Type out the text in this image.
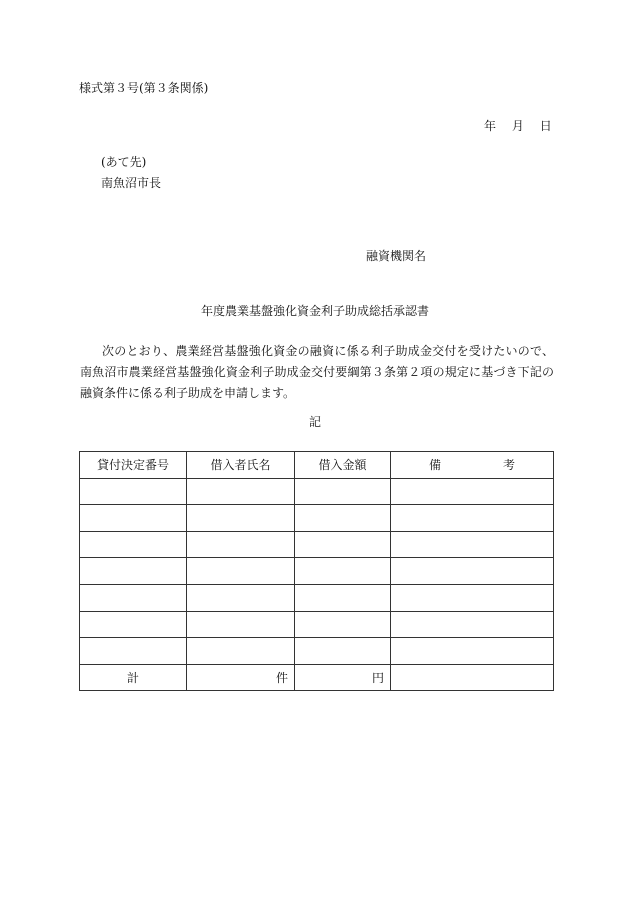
様式第３号(第３条関係)
年 月 日
(あて先)
南魚沼市長
融資機関名
年度農業基盤強化資金利子助成総括承認書
次のとおり、農業経営基盤強化資金の融資に係る利子助成金交付を受けたいので、南魚沼市農業経営基盤強化資金利子助成金交付要綱第３条第２項の規定に基づき下記の融資条件に係る利子助成を申請します。
記
貸付決定番号	借入者氏名	借入金額	備 考

計	件	円	
